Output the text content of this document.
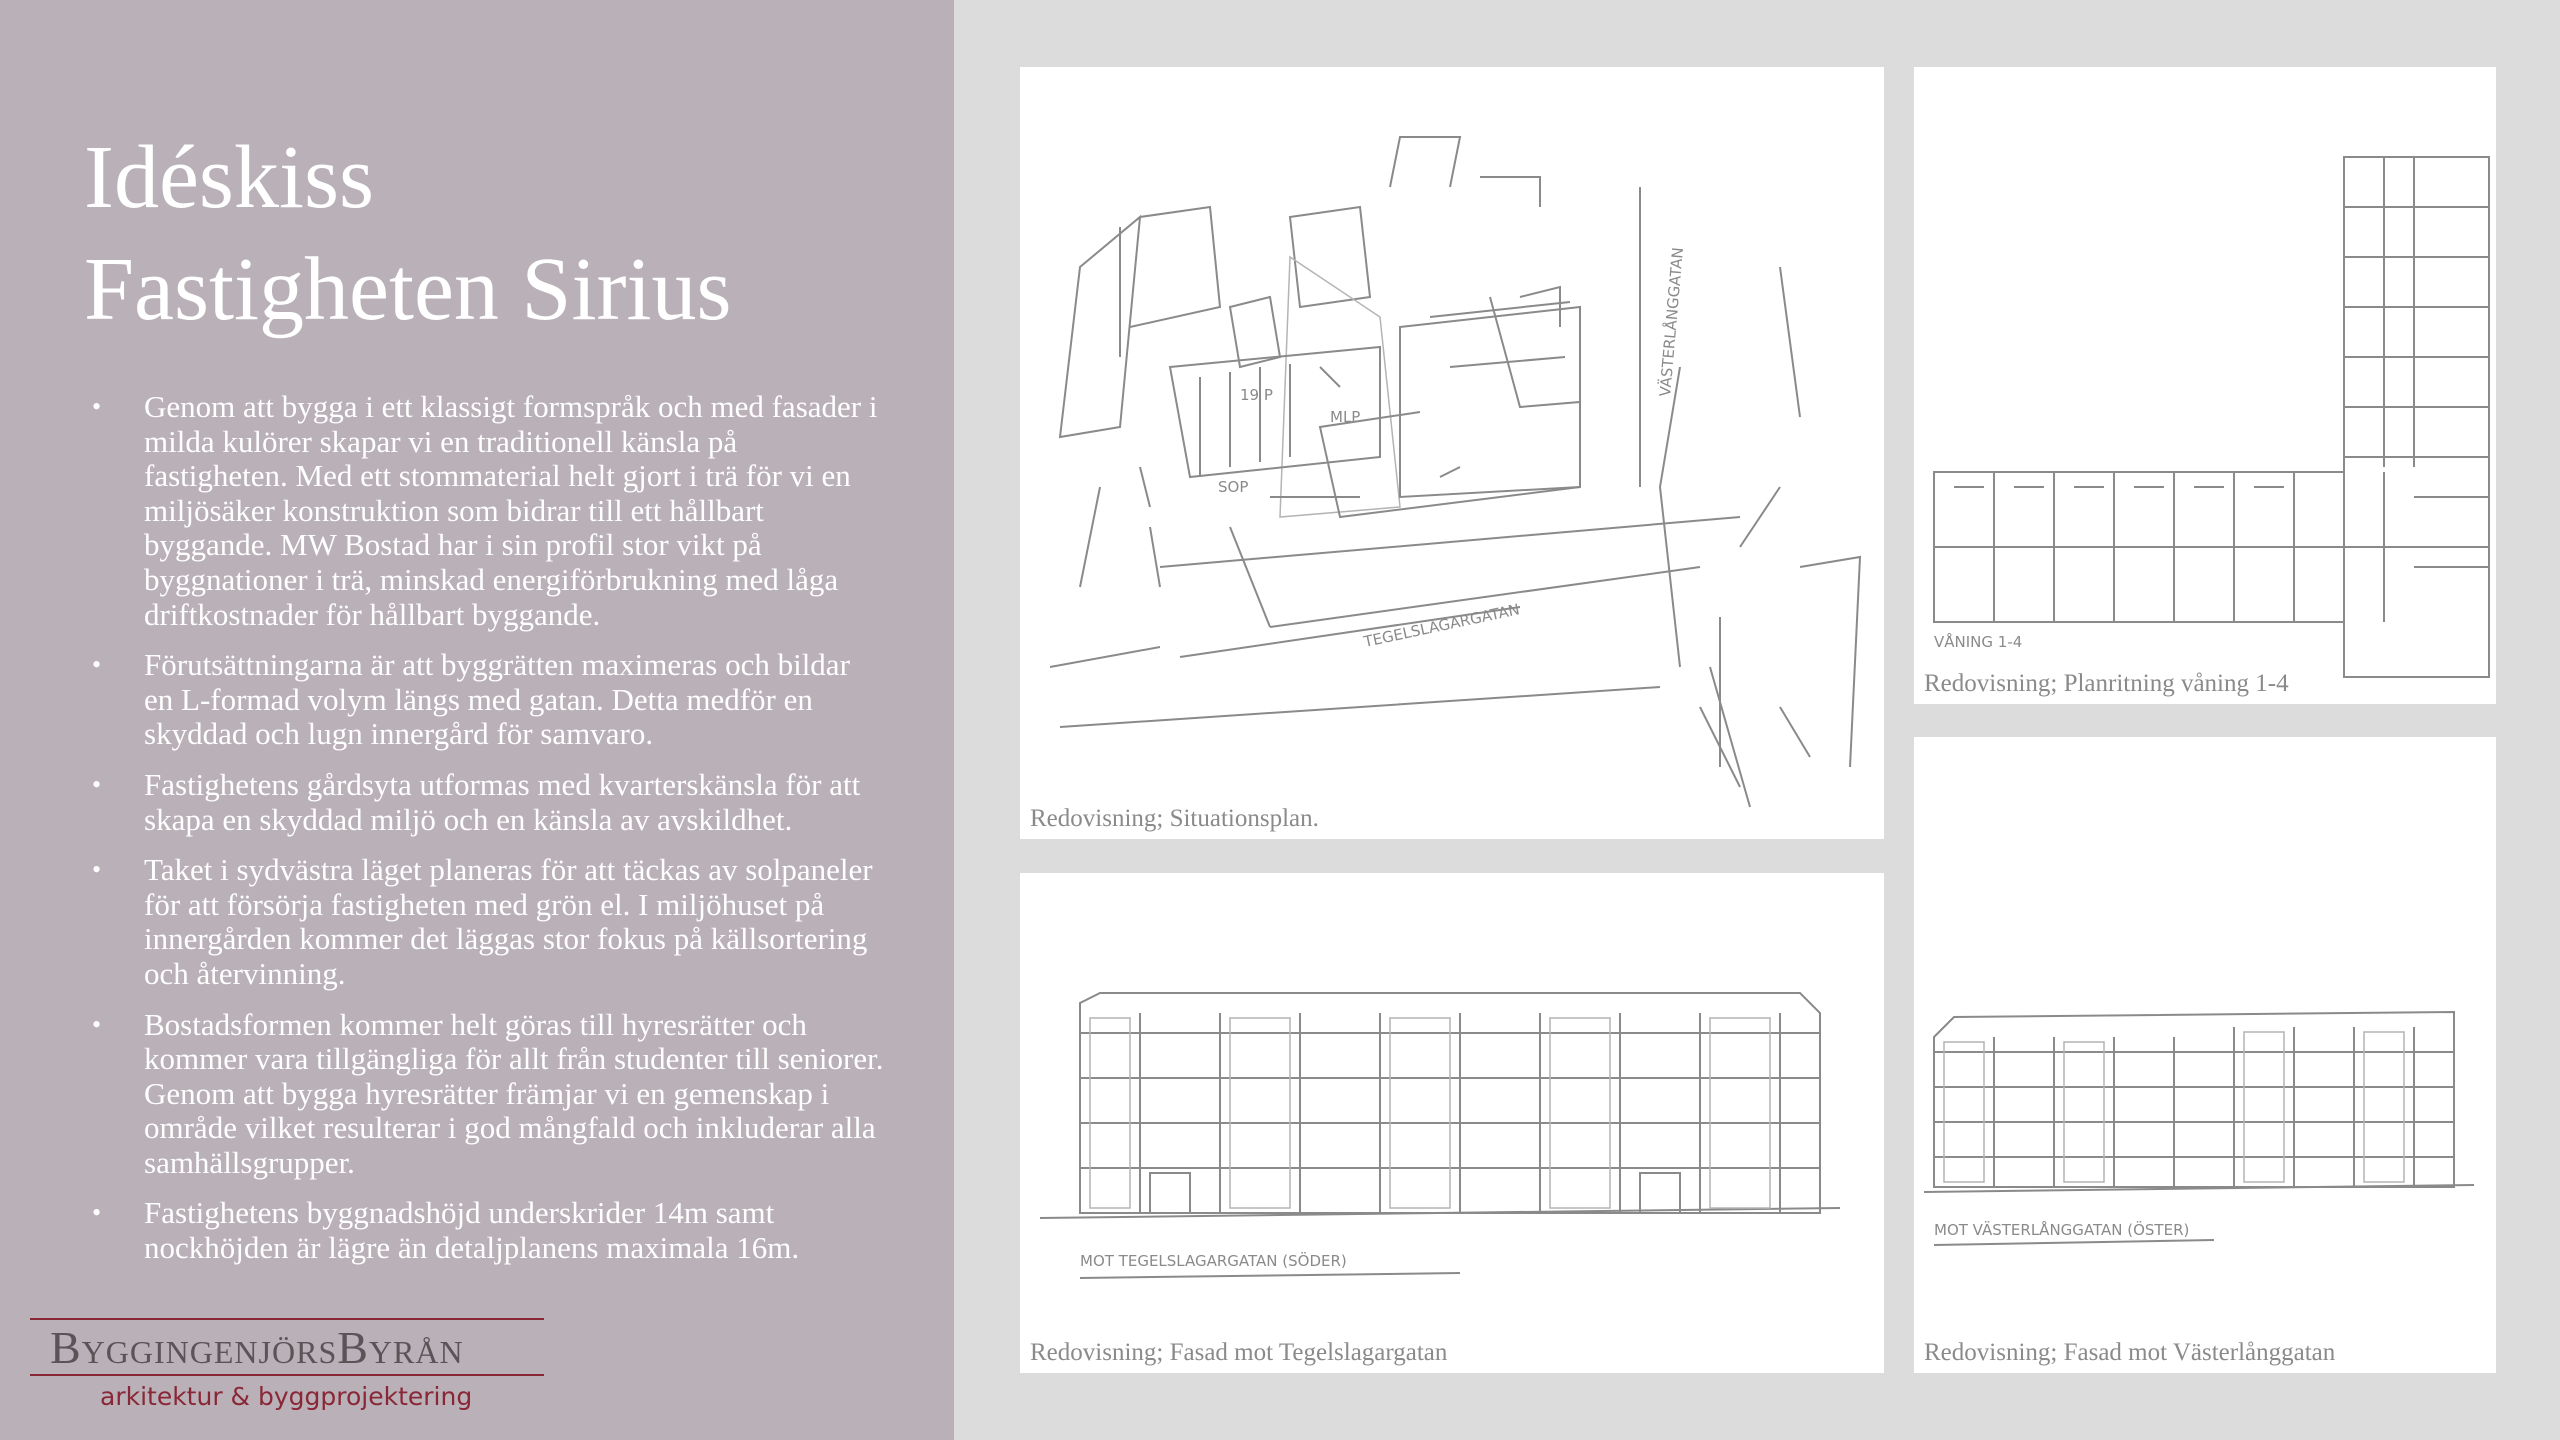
Idéskiss
Fastigheten Sirius
• Genom att bygga i ett klassigt formspråk och med fasader i milda kulörer skapar vi en traditionell känsla på fastigheten. Med ett stommaterial helt gjort i trä för vi en miljösäker konstruktion som bidrar till ett hållbart byggande. MW Bostad har i sin profil stor vikt på byggnationer i trä, minskad energiförbrukning med låga driftkostnader för hållbart byggande.
• Förutsättningarna är att byggrätten maximeras och bildar en L-formad volym längs med gatan. Detta medför en skyddad och lugn innergård för samvaro.
• Fastighetens gårdsyta utformas med kvarterskänsla för att skapa en skyddad miljö och en känsla av avskildhet.
• Taket i sydvästra läget planeras för att täckas av solpaneler för att försörja fastigheten med grön el. I miljöhuset på innergården kommer det läggas stor fokus på källsortering och återvinning.
• Bostadsformen kommer helt göras till hyresrätter och kommer vara tillgängliga för allt från studenter till seniorer. Genom att bygga hyresrätter främjar vi en gemenskap i område vilket resulterar i god mångfald och inkluderar alla samhällsgrupper.
• Fastighetens byggnadshöjd underskrider 14m samt nockhöjden är lägre än detaljplanens maximala 16m.
ByggingenjörsByrån
arkitektur & byggprojektering
VÄSTERLÅNGGATAN
TEGELSLAGARGATAN
19 P
MLP
SOP
Redovisning; Situationsplan.
VÅNING 1-4
Redovisning; Planritning våning 1-4
MOT TEGELSLAGARGATAN (SÖDER)
Redovisning; Fasad mot Tegelslagargatan
MOT VÄSTERLÅNGGATAN (ÖSTER)
Redovisning; Fasad mot Västerlånggatan
